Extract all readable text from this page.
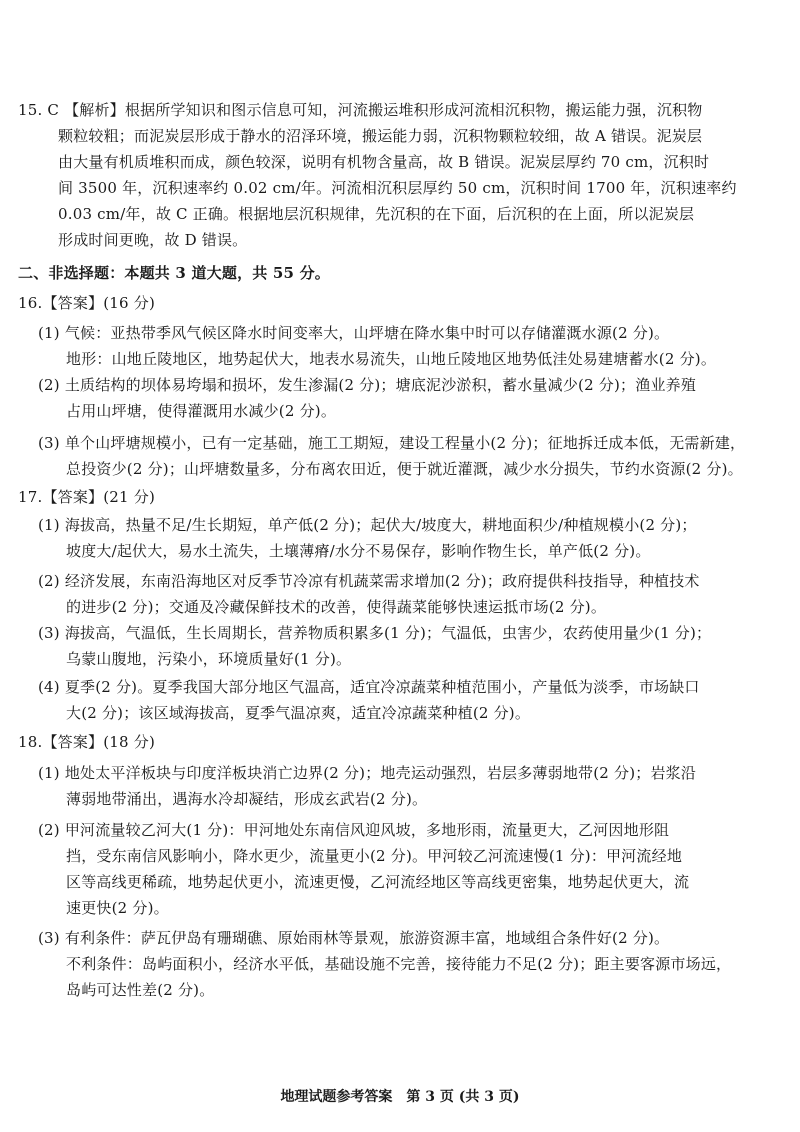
15. C 【解析】根据所学知识和图示信息可知，河流搬运堆积形成河流相沉积物，搬运能力强，沉积物
颗粒较粗；而泥炭层形成于静水的沼泽环境，搬运能力弱，沉积物颗粒较细，故 A 错误。泥炭层
由大量有机质堆积而成，颜色较深，说明有机物含量高，故 B 错误。泥炭层厚约 70 cm，沉积时
间 3500 年，沉积速率约 0.02 cm/年。河流相沉积层厚约 50 cm，沉积时间 1700 年，沉积速率约
0.03 cm/年，故 C 正确。根据地层沉积规律，先沉积的在下面，后沉积的在上面，所以泥炭层
形成时间更晚，故 D 错误。
二、非选择题：本题共 3 道大题，共 55 分。
16.【答案】(16 分)
(1) 气候：亚热带季风气候区降水时间变率大，山坪塘在降水集中时可以存储灌溉水源(2 分)。
地形：山地丘陵地区，地势起伏大，地表水易流失，山地丘陵地区地势低洼处易建塘蓄水(2 分)。
(2) 土质结构的坝体易垮塌和损坏，发生渗漏(2 分)；塘底泥沙淤积，蓄水量减少(2 分)；渔业养殖
占用山坪塘，使得灌溉用水减少(2 分)。
(3) 单个山坪塘规模小，已有一定基础，施工工期短，建设工程量小(2 分)；征地拆迁成本低，无需新建，
总投资少(2 分)；山坪塘数量多，分布离农田近，便于就近灌溉，减少水分损失，节约水资源(2 分)。
17.【答案】(21 分)
(1) 海拔高，热量不足/生长期短，单产低(2 分)；起伏大/坡度大，耕地面积少/种植规模小(2 分)；
坡度大/起伏大，易水土流失，土壤薄瘠/水分不易保存，影响作物生长，单产低(2 分)。
(2) 经济发展，东南沿海地区对反季节冷凉有机蔬菜需求增加(2 分)；政府提供科技指导，种植技术
的进步(2 分)；交通及冷藏保鲜技术的改善，使得蔬菜能够快速运抵市场(2 分)。
(3) 海拔高，气温低，生长周期长，营养物质积累多(1 分)；气温低，虫害少，农药使用量少(1 分)；
乌蒙山腹地，污染小，环境质量好(1 分)。
(4) 夏季(2 分)。夏季我国大部分地区气温高，适宜冷凉蔬菜种植范围小，产量低为淡季，市场缺口
大(2 分)；该区域海拔高，夏季气温凉爽，适宜冷凉蔬菜种植(2 分)。
18.【答案】(18 分)
(1) 地处太平洋板块与印度洋板块消亡边界(2 分)；地壳运动强烈，岩层多薄弱地带(2 分)；岩浆沿
薄弱地带涌出，遇海水冷却凝结，形成玄武岩(2 分)。
(2) 甲河流量较乙河大(1 分)：甲河地处东南信风迎风坡，多地形雨，流量更大，乙河因地形阻
挡，受东南信风影响小，降水更少，流量更小(2 分)。甲河较乙河流速慢(1 分)：甲河流经地
区等高线更稀疏，地势起伏更小，流速更慢，乙河流经地区等高线更密集，地势起伏更大，流
速更快(2 分)。
(3) 有利条件：萨瓦伊岛有珊瑚礁、原始雨林等景观，旅游资源丰富，地域组合条件好(2 分)。
不利条件：岛屿面积小，经济水平低，基础设施不完善，接待能力不足(2 分)；距主要客源市场远，
岛屿可达性差(2 分)。
地理试题参考答案　第 3 页 (共 3 页)
